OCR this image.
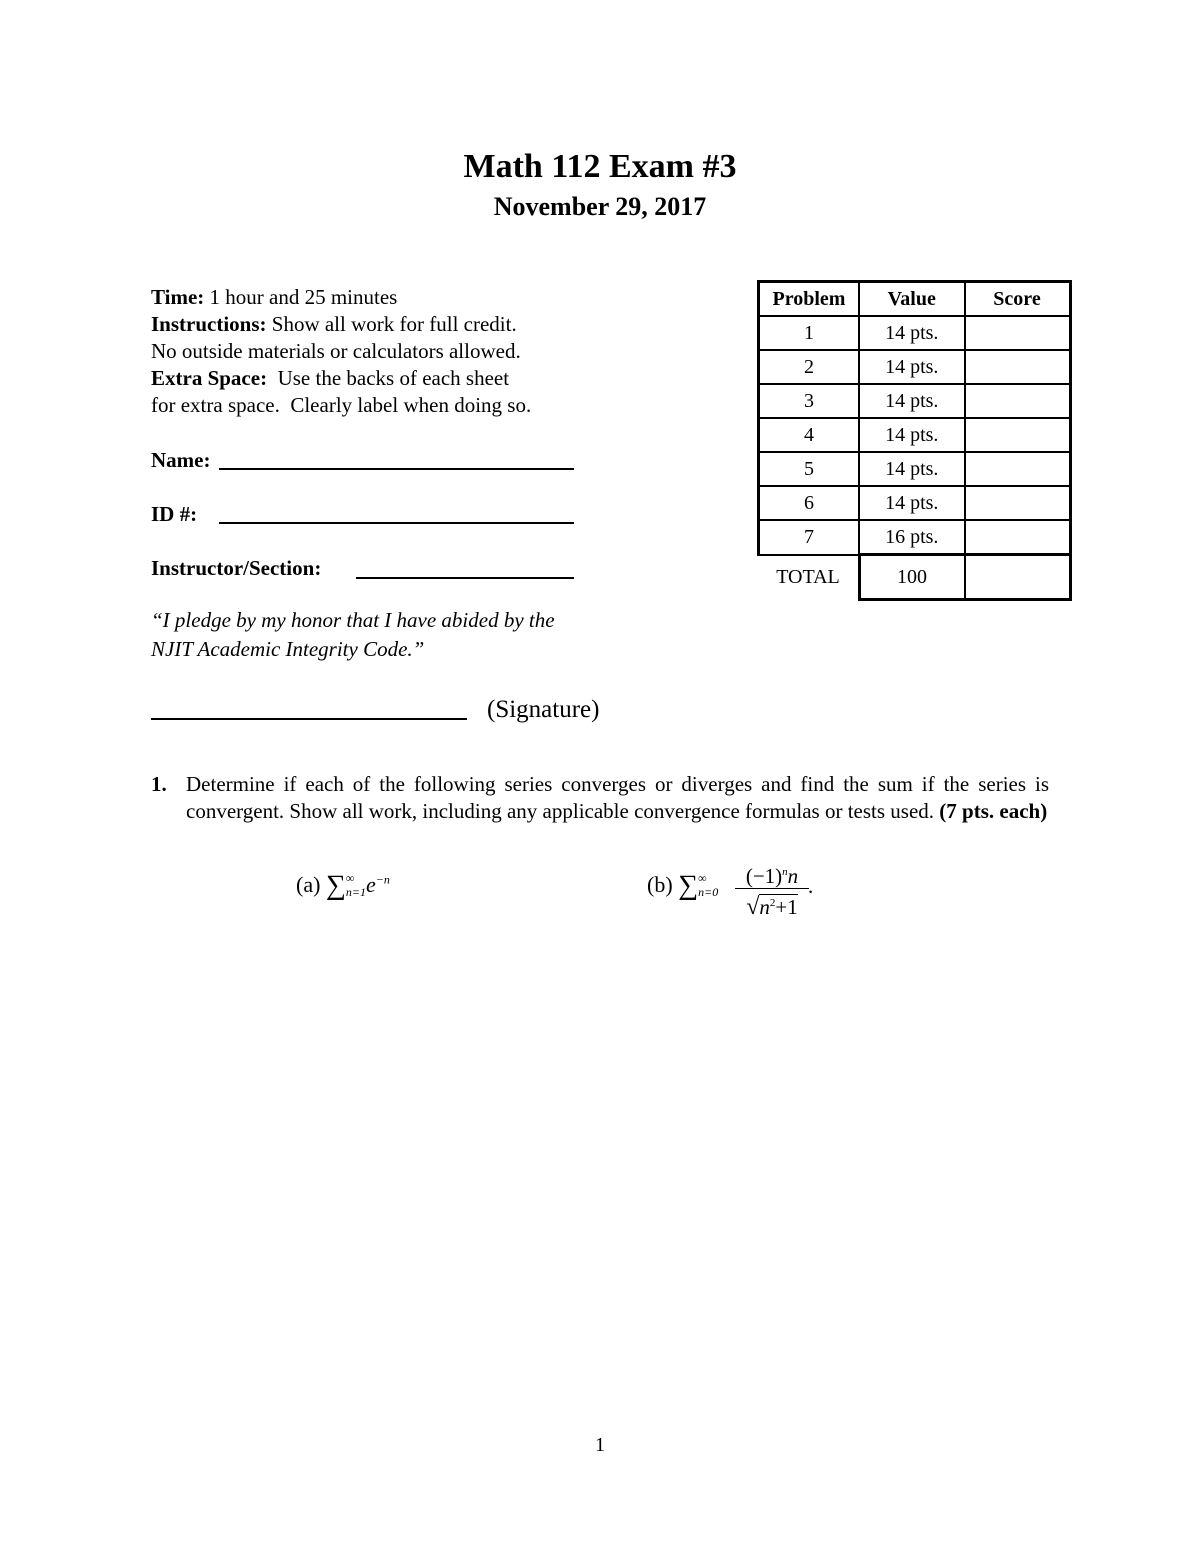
Math 112 Exam #3
November 29, 2017
Time: 1 hour and 25 minutes
Instructions: Show all work for full credit.
No outside materials or calculators allowed.
Extra Space:  Use the backs of each sheet
for extra space.  Clearly label when doing so.
Name:
ID #:
Instructor/Section:
“I pledge by my honor that I have abided by the
NJIT Academic Integrity Code.”
(Signature)
Problem	Value	Score
1	14 pts.	
2	14 pts.	
3	14 pts.	
4	14 pts.	
5	14 pts.	
6	14 pts.	
7	16 pts.	
TOTAL	100	
1. Determine if each of the following series converges or diverges and find the sum if the series is convergent. Show all work, including any applicable convergence formulas or tests used. (7 pts. each)
(a) ∑ ∞
n=1 $e^{-n}$	(b) ∑ ∞
$n=0 \frac{(-1)^nn}{√n^2+1}$ .
1
